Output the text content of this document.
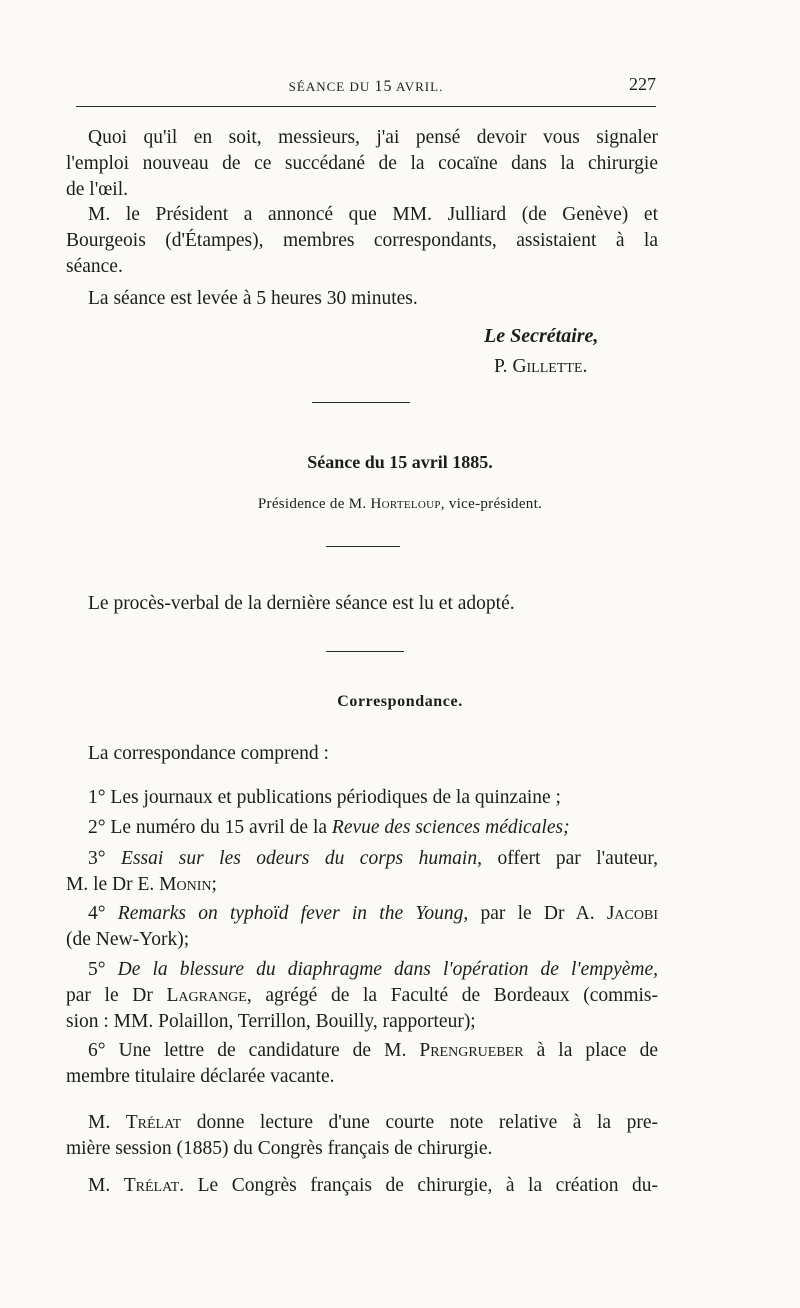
SÉANCE DU 15 AVRIL.	227
Quoi qu'il en soit, messieurs, j'ai pensé devoir vous signaler
l'emploi nouveau de ce succédané de la cocaïne dans la chirurgie
de l'œil.
M. le Président a annoncé que MM. Julliard (de Genève) et
Bourgeois (d'Étampes), membres correspondants, assistaient à la
séance.
La séance est levée à 5 heures 30 minutes.
Le Secrétaire,
P. Gillette.
Séance du 15 avril 1885.
Présidence de M. Horteloup, vice-président.
Le procès-verbal de la dernière séance est lu et adopté.
Correspondance.
La correspondance comprend :
1° Les journaux et publications périodiques de la quinzaine ;
2° Le numéro du 15 avril de la Revue des sciences médicales;
3° Essai sur les odeurs du corps humain, offert par l'auteur,
M. le Dr E. Monin;
4° Remarks on typhoïd fever in the Young, par le Dr A. Jacobi
(de New-York);
5° De la blessure du diaphragme dans l'opération de l'empyème,
par le Dr Lagrange, agrégé de la Faculté de Bordeaux (commis-
sion : MM. Polaillon, Terrillon, Bouilly, rapporteur);
6° Une lettre de candidature de M. Prengrueber à la place de
membre titulaire déclarée vacante.
M. Trélat donne lecture d'une courte note relative à la pre-
mière session (1885) du Congrès français de chirurgie.
M. Trélat. Le Congrès français de chirurgie, à la création du-
